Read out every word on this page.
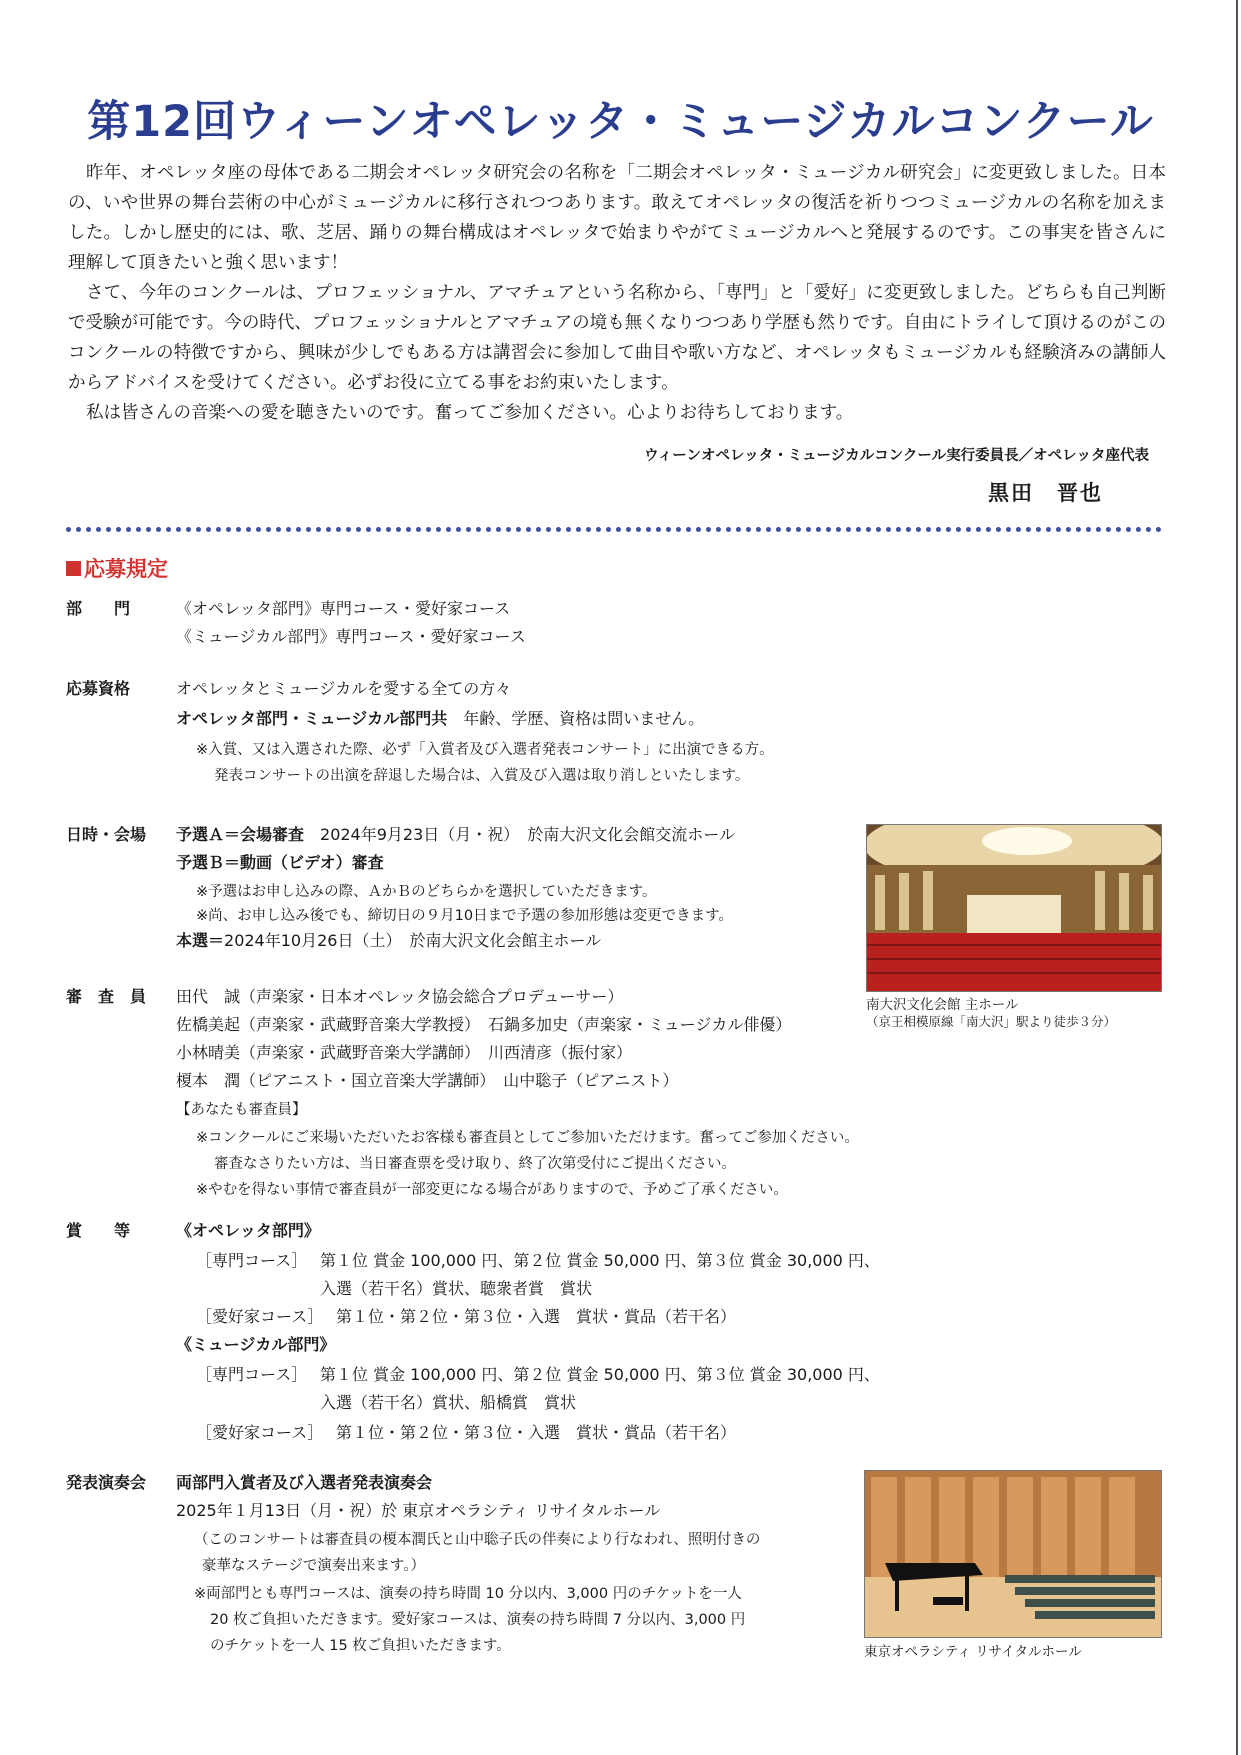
第12回ウィーンオペレッタ・ミュージカルコンクール

昨年、オペレッタ座の母体である二期会オペレッタ研究会の名称を「二期会オペレッタ・ミュージカル研究会」に変更致しました。日本の、いや世界の舞台芸術の中心がミュージカルに移行されつつあります。敢えてオペレッタの復活を祈りつつミュージカルの名称を加えました。しかし歴史的には、歌、芝居、踊りの舞台構成はオペレッタで始まりやがてミュージカルへと発展するのです。この事実を皆さんに理解して頂きたいと強く思います！

さて、今年のコンクールは、プロフェッショナル、アマチュアという名称から、「専門」と「愛好」に変更致しました。どちらも自己判断で受験が可能です。今の時代、プロフェッショナルとアマチュアの境も無くなりつつあり学歴も然りです。自由にトライして頂けるのがこのコンクールの特徴ですから、興味が少しでもある方は講習会に参加して曲目や歌い方など、オペレッタもミュージカルも経験済みの講師人からアドバイスを受けてください。必ずお役に立てる事をお約束いたします。

私は皆さんの音楽への愛を聴きたいのです。奮ってご参加ください。心よりお待ちしております。

ウィーンオペレッタ・ミュージカルコンクール実行委員長／オペレッタ座代表
黒田　晋也
応募規定
部　　門	《オペレッタ部門》専門コース・愛好家コース
《ミュージカル部門》専門コース・愛好家コース
応募資格	オペレッタとミュージカルを愛する全ての方々
オペレッタ部門・ミュージカル部門共　年齢、学歴、資格は問いません。
※入賞、又は入選された際、必ず「入賞者及び入選者発表コンサート」に出演できる方。
発表コンサートの出演を辞退した場合は、入賞及び入選は取り消しといたします。
日時・会場 予選Ａ＝会場審査　2024年9月23日（月・祝）　於南大沢文化会館交流ホール
予選Ｂ＝動画（ビデオ）審査
※予選はお申し込みの際、ＡかＢのどちらかを選択していただきます。
※尚、お申し込み後でも、締切日の９月10日まで予選の参加形態は変更できます。
本選＝2024年10月26日（土）　於南大沢文化会館主ホール
南大沢文化会館 主ホール
（京王相模原線「南大沢」駅より徒歩３分）
審　査　員 田代　誠（声楽家・日本オペレッタ協会総合プロデューサー）
佐橋美起（声楽家・武蔵野音楽大学教授）　石鍋多加史（声楽家・ミュージカル俳優）
小林晴美（声楽家・武蔵野音楽大学講師）　川西清彦（振付家）
榎本　潤（ピアニスト・国立音楽大学講師）　山中聡子（ピアニスト）
【あなたも審査員】
※コンクールにご来場いただいたお客様も審査員としてご参加いただけます。奮ってご参加ください。
審査なさりたい方は、当日審査票を受け取り、終了次第受付にご提出ください。
※やむを得ない事情で審査員が一部変更になる場合がありますので、予めご了承ください。
賞　　等	《オペレッタ部門》
［専門コース］ 第１位 賞金 100,000 円、第２位 賞金 50,000 円、第３位 賞金 30,000 円、
入選（若干名）賞状、聴衆者賞　賞状
［愛好家コース］ 第１位・第２位・第３位・入選　賞状・賞品（若干名）
《ミュージカル部門》
［専門コース］ 第１位 賞金 100,000 円、第２位 賞金 50,000 円、第３位 賞金 30,000 円、
入選（若干名）賞状、船橋賞　賞状
［愛好家コース］ 第１位・第２位・第３位・入選　賞状・賞品（若干名）
発表演奏会 両部門入賞者及び入選者発表演奏会
2025年１月13日（月・祝）於 東京オペラシティ リサイタルホール
（このコンサートは審査員の榎本潤氏と山中聡子氏の伴奏により行なわれ、照明付きの
豪華なステージで演奏出来ます。）
※両部門とも専門コースは、演奏の持ち時間 10 分以内、3,000 円のチケットを一人
20 枚ご負担いただきます。愛好家コースは、演奏の持ち時間 7 分以内、3,000 円
のチケットを一人 15 枚ご負担いただきます。	東京オペラシティ リサイタルホール
